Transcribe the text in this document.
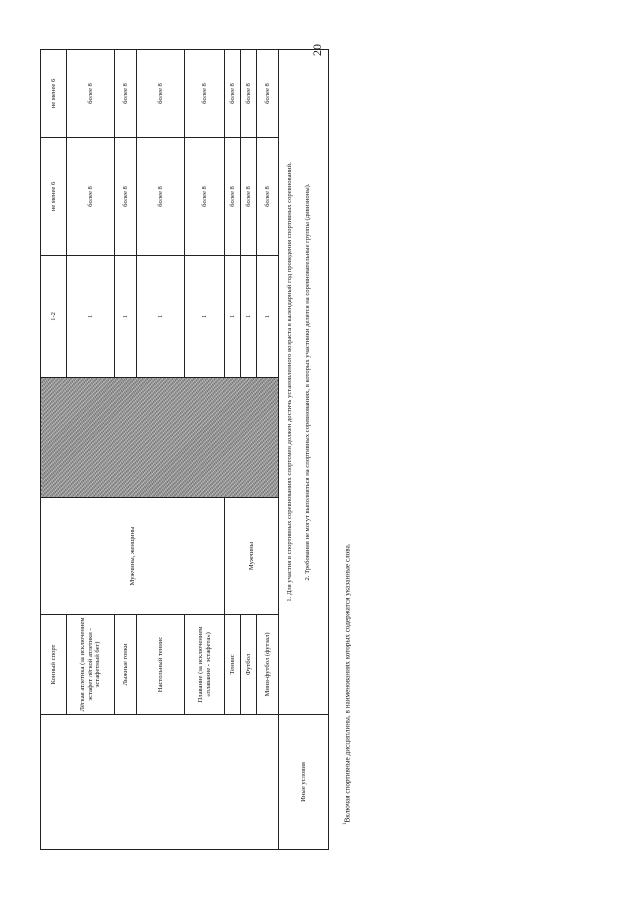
20
	Конный спорт	Мужчины, женщины		1-2	не менее 6	не менее 6
	Лёгкая атлетика (за исключением эстафет лёгкой атлетики - эстафетный бег)			1	более 8	более 8
	Лыжные гонки			1	более 8	более 8
	Настольный теннис			1	более 8	более 8
	Плавание (за исключением «плавание - эстафета»)			1	более 8	более 8
	Теннис	Мужчины		1	более 8	более 8
	Футбол			1	более 8	более 8
	Мини-футбол (футзал)			1	более 8	более 8
Иные условия	1. Для участия в спортивных соревнованиях спортсмен должен достичь установленного возраста в календарный год проведения спортивных соревнований. 2. Требования не могут выполняться на спортивных соревнованиях, в которых участники делятся на соревновательные группы (дивизионы).					
$^1$Включая спортивные дисциплины, в наименованиях которых содержатся указанные слова.
